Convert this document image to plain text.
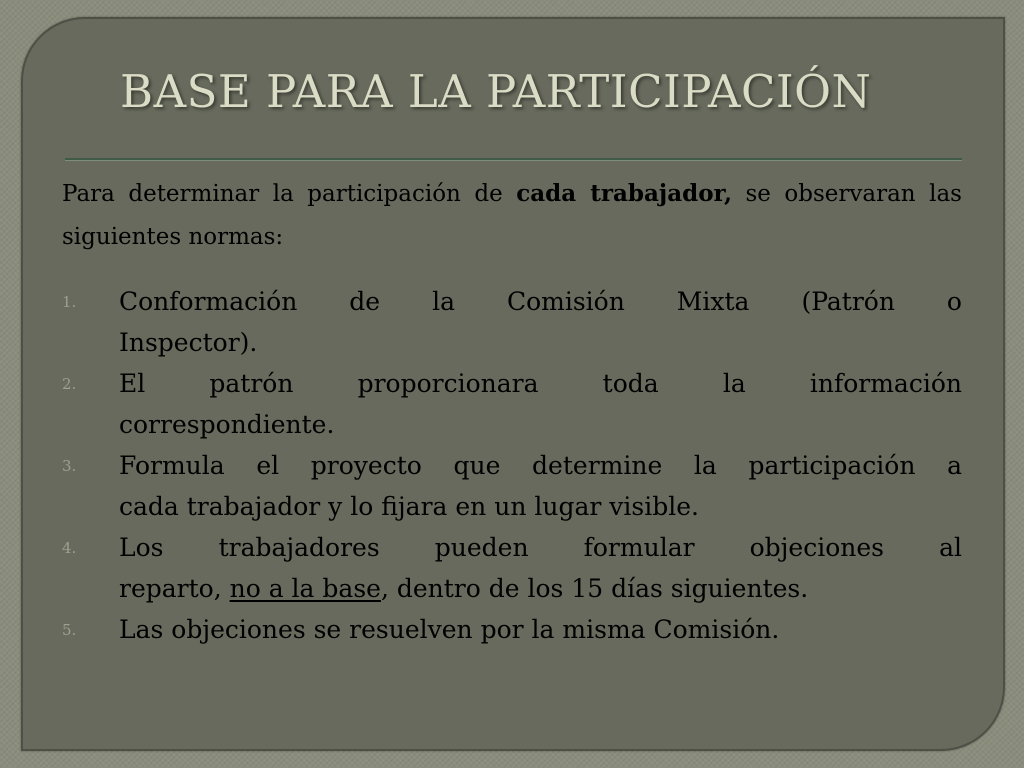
BASE PARA LA PARTICIPACIÓN

Para determinar la participación de cada trabajador, se observaran las siguientes normas:

1. Conformación de la Comisión Mixta (Patrón o
Inspector).
2. El patrón proporcionara toda la información
correspondiente.
3. Formula el proyecto que determine la participación a
cada trabajador y lo fijara en un lugar visible.
4. Los trabajadores pueden formular objeciones al
reparto, no a la base, dentro de los 15 días siguientes.
5. Las objeciones se resuelven por la misma Comisión.
